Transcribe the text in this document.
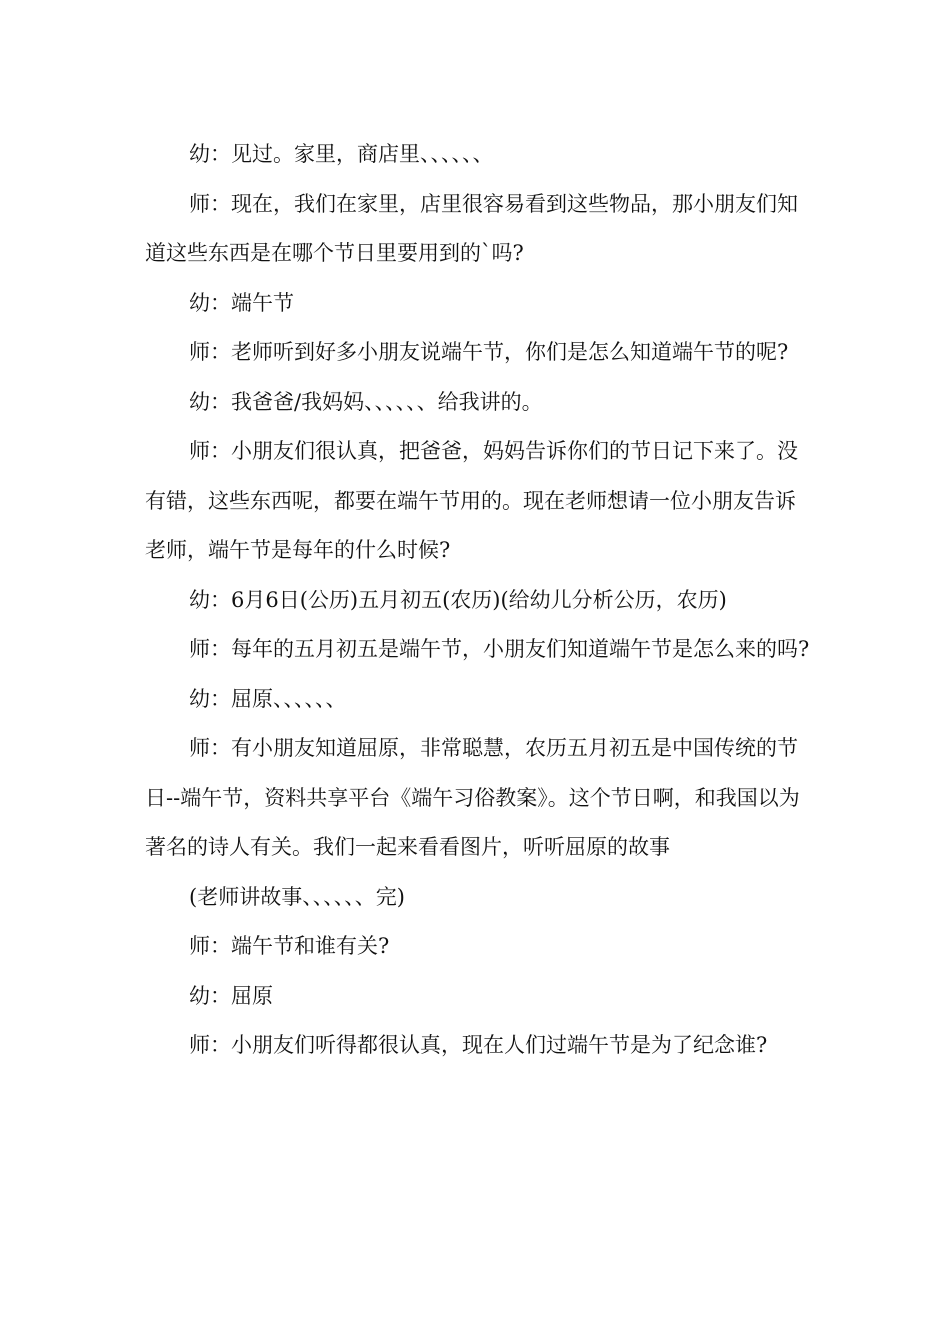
幼：见过。家里，商店里、、、、、、

师：现在，我们在家里，店里很容易看到这些物品，那小朋友们知道这些东西是在哪个节日里要用到的`吗?

幼：端午节

师：老师听到好多小朋友说端午节，你们是怎么知道端午节的呢?

幼：我爸爸/我妈妈、、、、、、给我讲的。

师：小朋友们很认真，把爸爸，妈妈告诉你们的节日记下来了。没有错，这些东西呢，都要在端午节用的。现在老师想请一位小朋友告诉老师，端午节是每年的什么时候?

幼：6月6日(公历)五月初五(农历)(给幼儿分析公历，农历)

师：每年的五月初五是端午节，小朋友们知道端午节是怎么来的吗?

幼：屈原、、、、、、

师：有小朋友知道屈原，非常聪慧，农历五月初五是中国传统的节日--端午节，资料共享平台《端午习俗教案》。这个节日啊，和我国以为著名的诗人有关。我们一起来看看图片，听听屈原的故事

(老师讲故事、、、、、、完)

师：端午节和谁有关?

幼：屈原

师：小朋友们听得都很认真，现在人们过端午节是为了纪念谁?
